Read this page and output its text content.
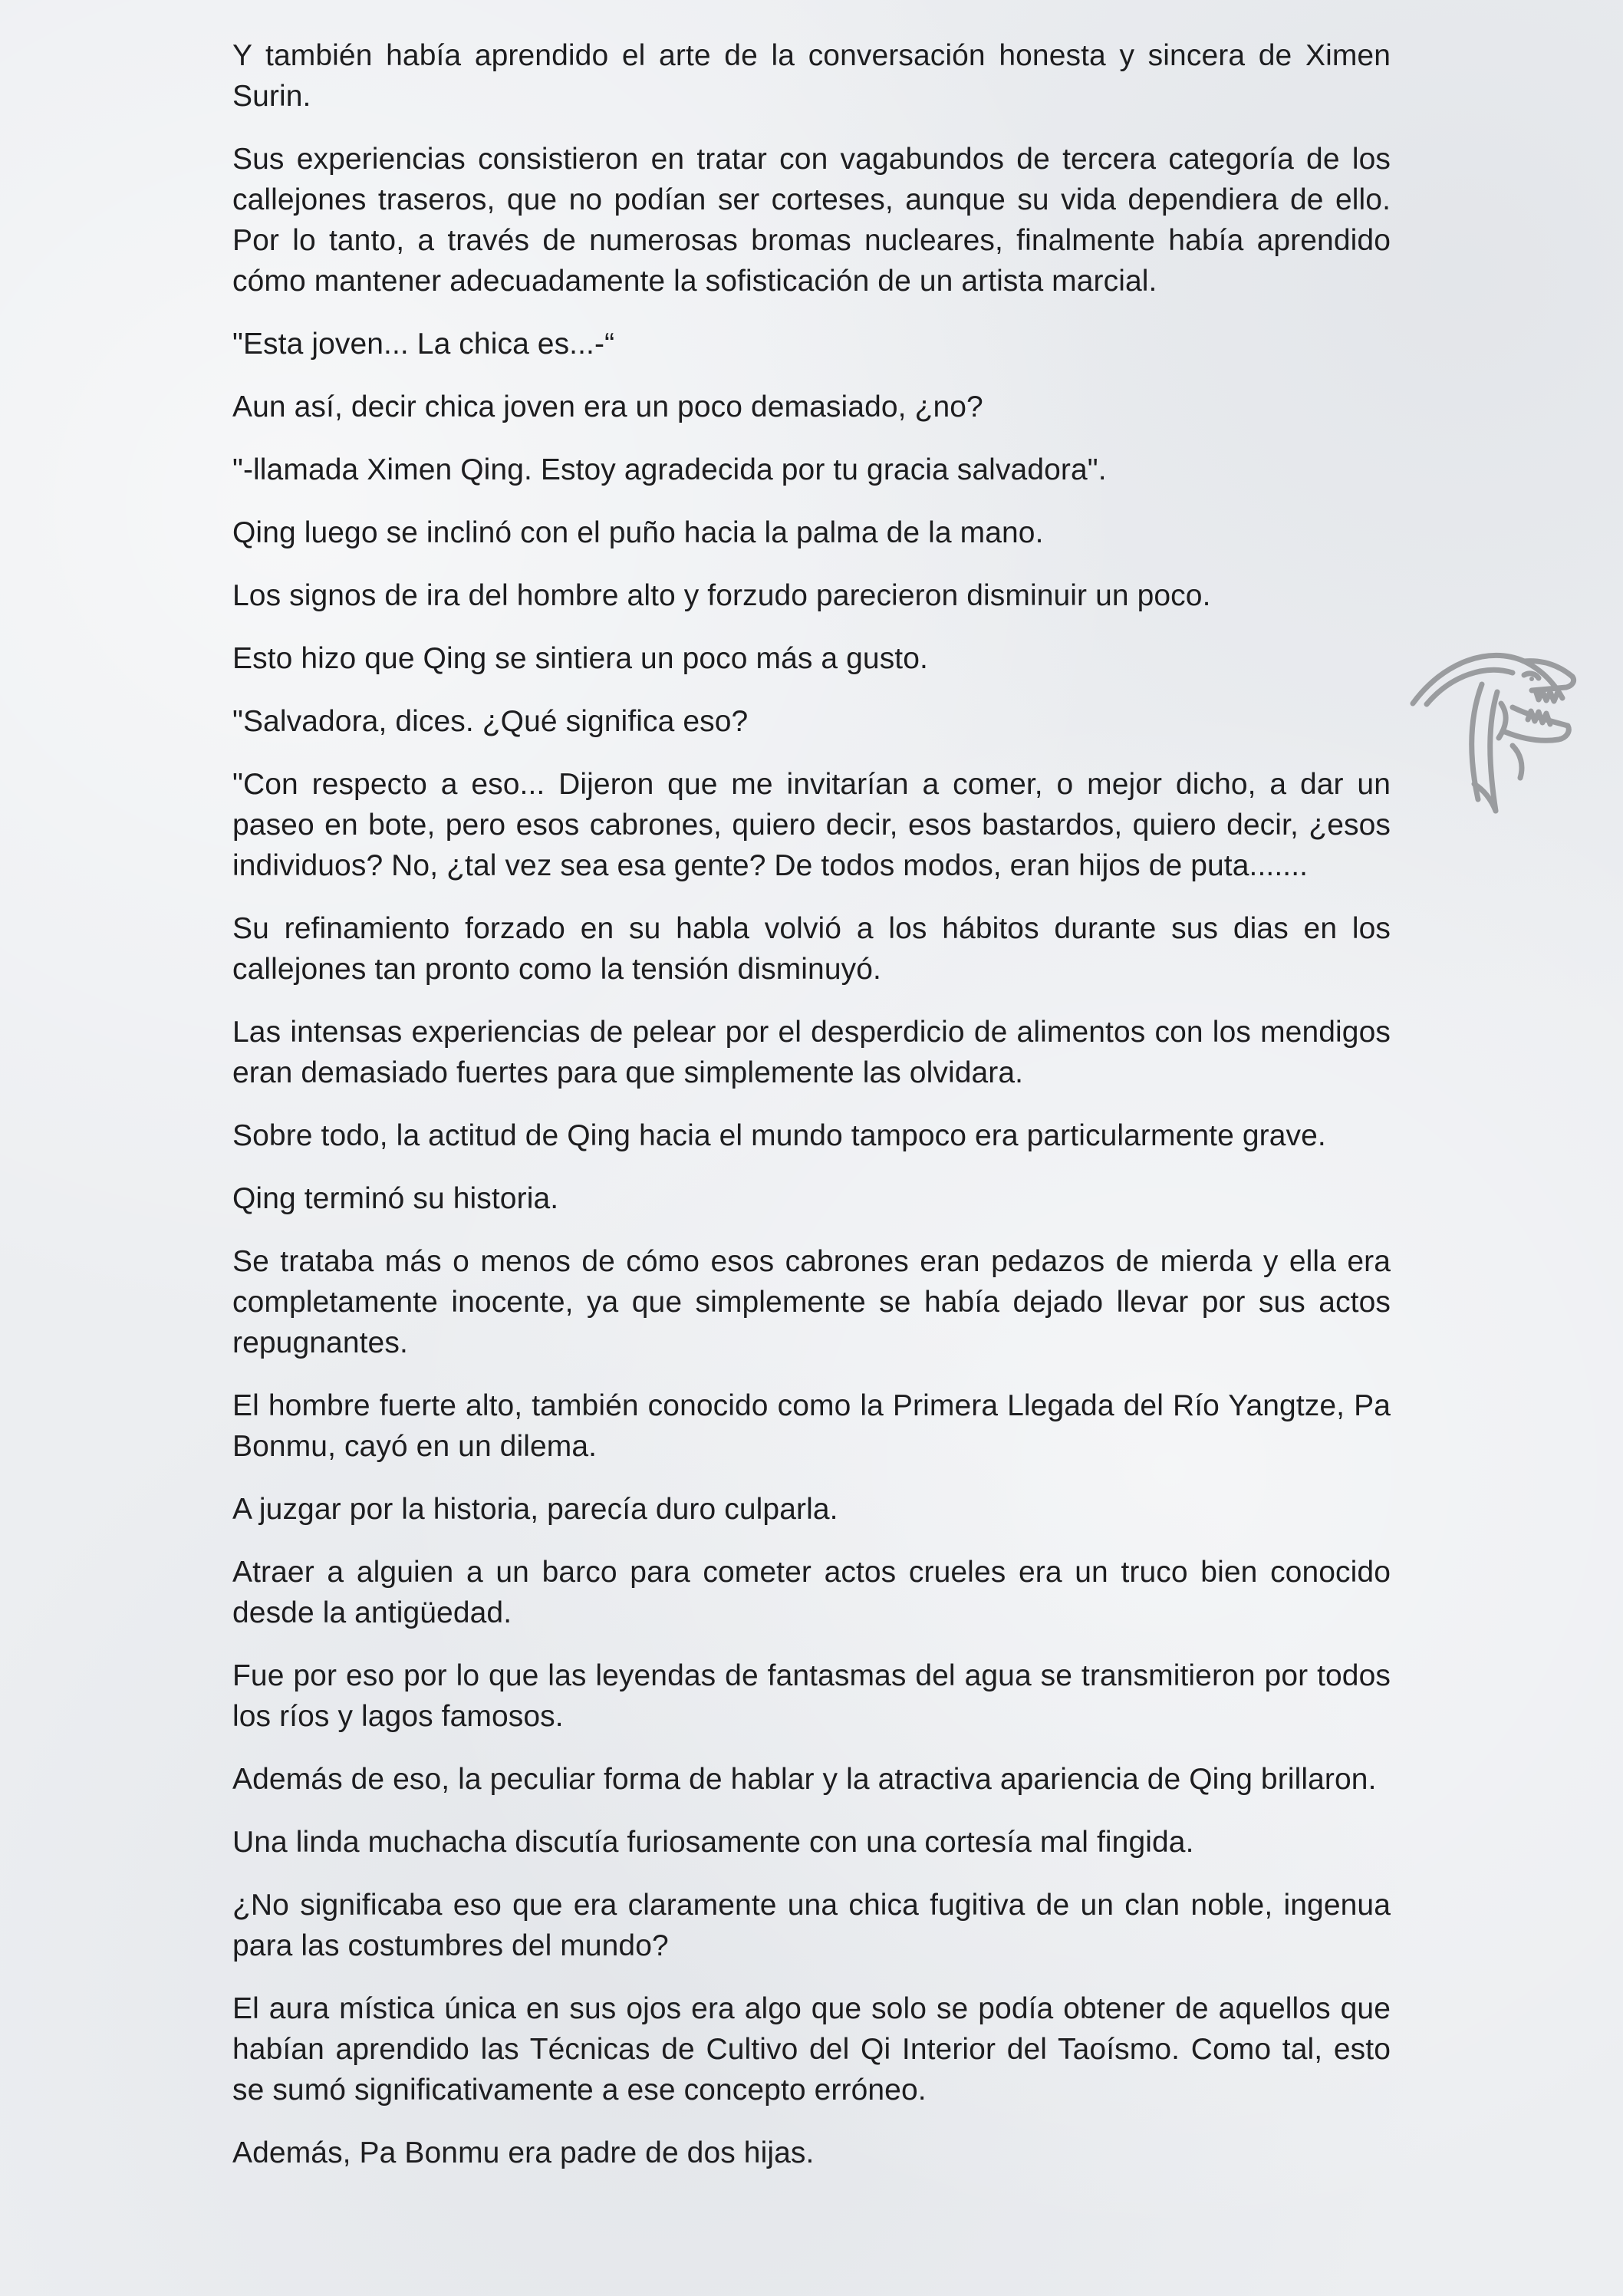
Y también había aprendido el arte de la conversación honesta y sincera de Ximen Surin.

Sus experiencias consistieron en tratar con vagabundos de tercera categoría de los callejones traseros, que no podían ser corteses, aunque su vida dependiera de ello. Por lo tanto, a través de numerosas bromas nucleares, finalmente había aprendido cómo mantener adecuadamente la sofisticación de un artista marcial.

"Esta joven... La chica es...-“

Aun así, decir chica joven era un poco demasiado, ¿no?

"-llamada Ximen Qing. Estoy agradecida por tu gracia salvadora".

Qing luego se inclinó con el puño hacia la palma de la mano.

Los signos de ira del hombre alto y forzudo parecieron disminuir un poco.

Esto hizo que Qing se sintiera un poco más a gusto.

"Salvadora, dices. ¿Qué significa eso?

"Con respecto a eso... Dijeron que me invitarían a comer, o mejor dicho, a dar un paseo en bote, pero esos cabrones, quiero decir, esos bastardos, quiero decir, ¿esos individuos? No, ¿tal vez sea esa gente? De todos modos, eran hijos de puta.......

Su refinamiento forzado en su habla volvió a los hábitos durante sus dias en los callejones tan pronto como la tensión disminuyó.

Las intensas experiencias de pelear por el desperdicio de alimentos con los mendigos eran demasiado fuertes para que simplemente las olvidara.

Sobre todo, la actitud de Qing hacia el mundo tampoco era particularmente grave.

Qing terminó su historia.

Se trataba más o menos de cómo esos cabrones eran pedazos de mierda y ella era completamente inocente, ya que simplemente se había dejado llevar por sus actos repugnantes.

El hombre fuerte alto, también conocido como la Primera Llegada del Río Yangtze, Pa Bonmu, cayó en un dilema.

A juzgar por la historia, parecía duro culparla.

Atraer a alguien a un barco para cometer actos crueles era un truco bien conocido desde la antigüedad.

Fue por eso por lo que las leyendas de fantasmas del agua se transmitieron por todos los ríos y lagos famosos.

Además de eso, la peculiar forma de hablar y la atractiva apariencia de Qing brillaron.

Una linda muchacha discutía furiosamente con una cortesía mal fingida.

¿No significaba eso que era claramente una chica fugitiva de un clan noble, ingenua para las costumbres del mundo?

El aura mística única en sus ojos era algo que solo se podía obtener de aquellos que habían aprendido las Técnicas de Cultivo del Qi Interior del Taoísmo. Como tal, esto se sumó significativamente a ese concepto erróneo.

Además, Pa Bonmu era padre de dos hijas.
